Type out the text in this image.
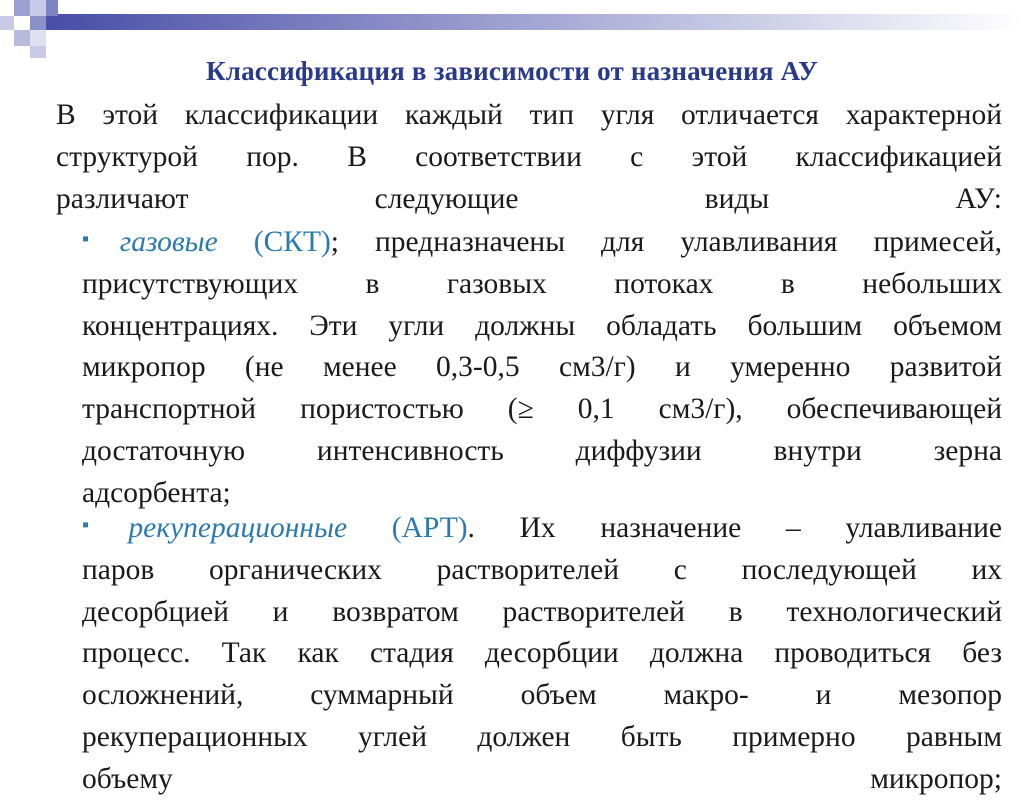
Классификация в зависимости от назначения АУ
В этой классификации каждый тип угля отличается характерной
структурой пор. В соответствии с этой классификацией
различают следующие виды АУ:
▪газовые (СКТ); предназначены для улавливания примесей,
присутствующих в газовых потоках в небольших
концентрациях. Эти угли должны обладать большим объемом
микропор (не менее 0,3-0,5 см3/г) и умеренно развитой
транспортной пористостью (≥ 0,1 см3/г), обеспечивающей
достаточную интенсивность диффузии внутри зерна
адсорбента;
▪рекуперационные (АРТ). Их назначение – улавливание
паров органических растворителей с последующей их
десорбцией и возвратом растворителей в технологический
процесс. Так как стадия десорбции должна проводиться без
осложнений, суммарный объем макро- и мезопор
рекуперационных углей должен быть примерно равным
объему микропор;
